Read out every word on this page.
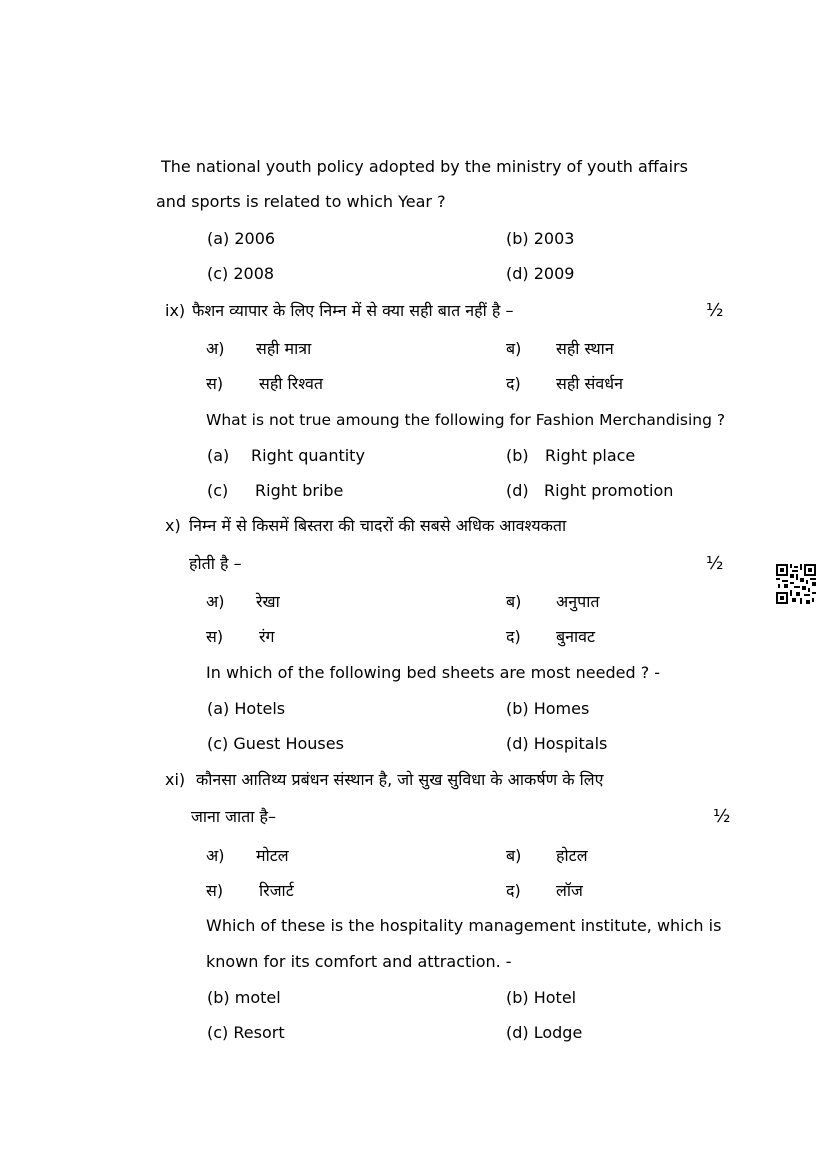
The national youth policy adopted by the ministry of youth affairs
and sports is related to which Year ?
(a) 2006	(b) 2003
(c) 2008	(d) 2009
ix) फैशन व्यापार के लिए निम्न में से क्या सही बात नहीं है –	½
अ) सही मात्रा	ब) सही स्थान
स) सही रिश्वत	द) सही संवर्धन
What is not true amoung the following for Fashion Merchandising ?
(a) Right quantity	(b) Right place
(c) Right bribe	(d) Right promotion
x) निम्न में से किसमें बिस्तरा की चादरों की सबसे अधिक आवश्यकता
होती है –	½
अ) रेखा	ब) अनुपात
स) रंग	द) बुनावट
In which of the following bed sheets are most needed ? -
(a) Hotels	(b) Homes
(c) Guest Houses	(d) Hospitals
xi) कौनसा आतिथ्य प्रबंधन संस्थान है, जो सुख सुविधा के आकर्षण के लिए
जाना जाता है–	½
अ) मोटल	ब) होटल
स) रिजार्ट	द) लॉज
Which of these is the hospitality management institute, which is
known for its comfort and attraction. -
(b) motel	(b) Hotel
(c) Resort	(d) Lodge
